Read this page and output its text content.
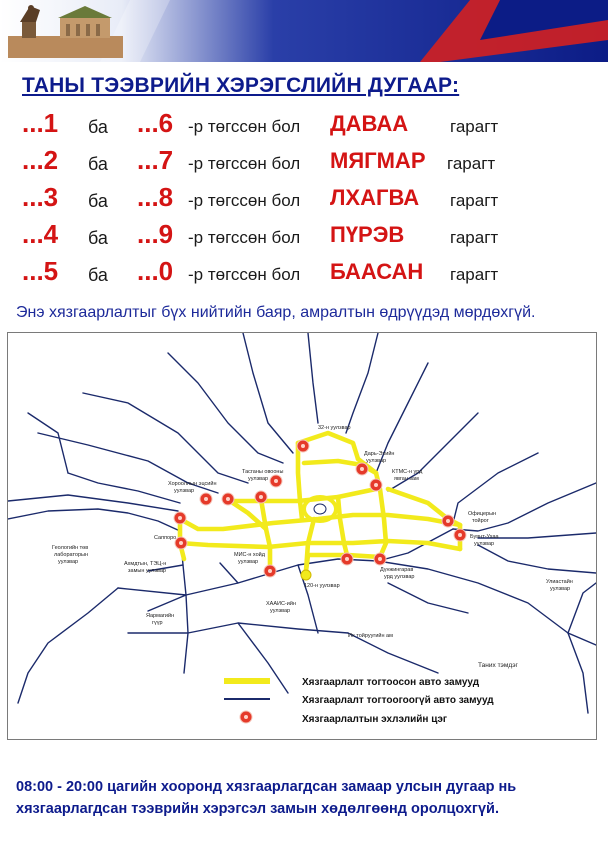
ТАНЫ ТЭЭВРИЙН ХЭРЭГСЛИЙН ДУГААР:
...1 ба ...6 -р төгссөн бол ДАВАА гарагт
...2 ба ...7 -р төгссөн бол МЯГМАР гарагт
...3 ба ...8 -р төгссөн бол ЛХАГВА гарагт
...4 ба ...9 -р төгссөн бол ПҮРЭВ	гарагт
...5 ба ...0 -р төгссөн бол БААСАН гарагт
Энэ хязгаарлалтыг бүх нийтийн баяр, амралтын өдрүүдэд мөрдөхгүй.
32-н уулзвар
Дарь-Эхийн
уулзвар
КТМС-н урд
явган зам
Тасганы овооны
уулзвар
Хорооллын эцсийн
уулзвар
Офицерын
тойрог
Буянт-Ухаа
уулзвар
Геологийн төв
лабораторын
уулзвар
Саппоро
Ахмдтын, ТЭЦ-н
замын уулзвар
МИС-н хойд
уулзвар
120-н уулзвар
Дүнжингарав
урд уулзвар
Улиастайн
уулзвар
Яармагийн
гүүр
ХААИС-ийн
уулзвар
Их тойруугийн ам
Таних тэмдэг
Хязгаарлалт тогтоосон авто замууд
Хязгаарлалт тогтоогоогүй авто замууд
Хязгаарлалтын эхлэлийн цэг
08:00 - 20:00 цагийн хооронд хязгаарлагдсан замаар улсын дугаар нь хязгаарлагдсан тээврийн хэрэгсэл замын хөдөлгөөнд оролцохгүй.
